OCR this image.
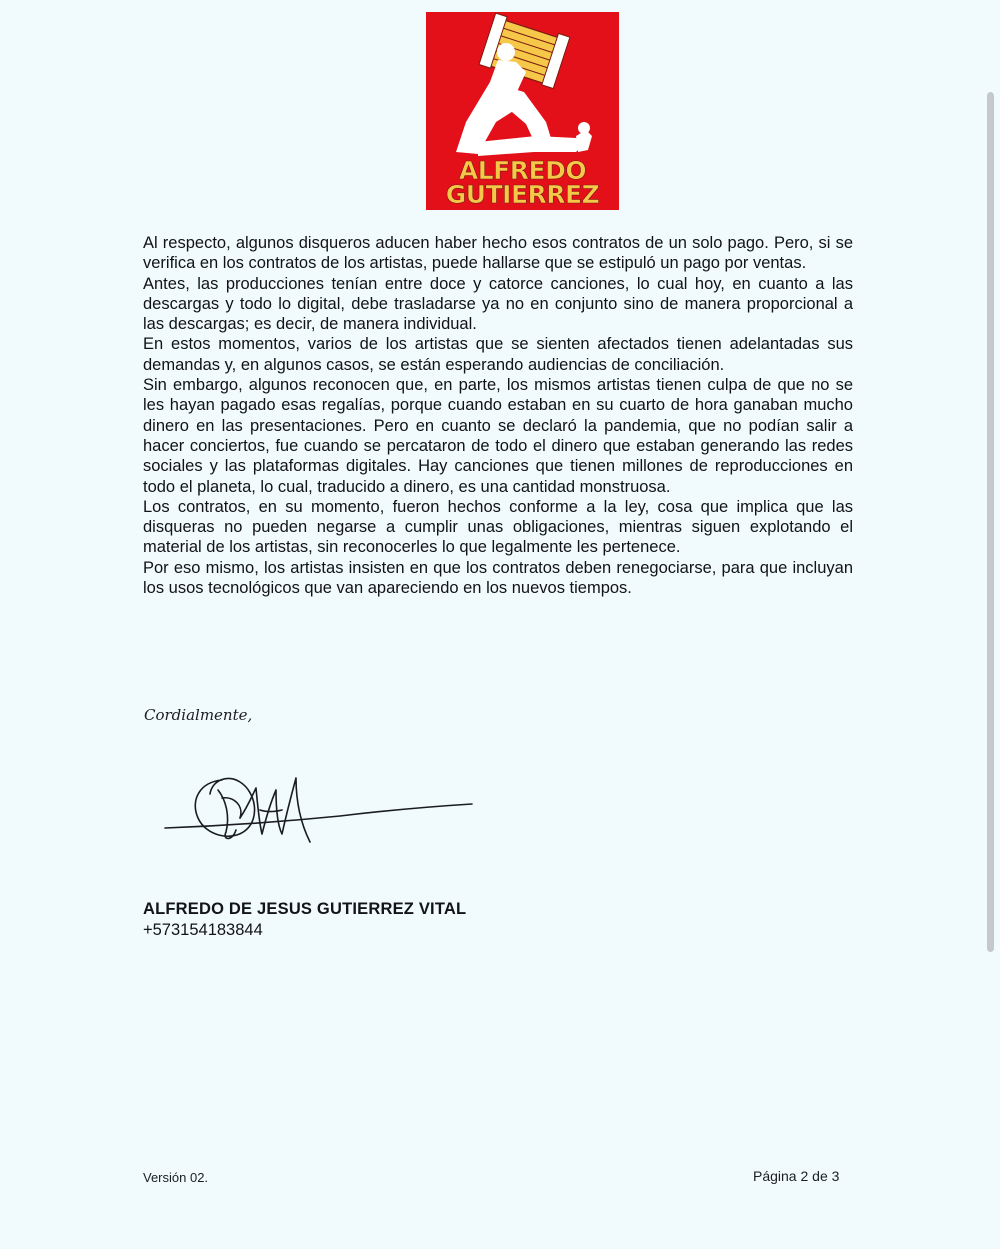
ALFREDO
GUTIERREZ

Al respecto, algunos disqueros aducen haber hecho esos contratos de un solo pago. Pero, si se verifica en los contratos de los artistas, puede hallarse que se estipuló un pago por ventas.

Antes, las producciones tenían entre doce y catorce canciones, lo cual hoy, en cuanto a las descargas y todo lo digital, debe trasladarse ya no en conjunto sino de manera proporcional a las descargas; es decir, de manera individual.

En estos momentos, varios de los artistas que se sienten afectados tienen adelantadas sus demandas y, en algunos casos, se están esperando audiencias de conciliación.

Sin embargo, algunos reconocen que, en parte, los mismos artistas tienen culpa de que no se les hayan pagado esas regalías, porque cuando estaban en su cuarto de hora ganaban mucho dinero en las presentaciones. Pero en cuanto se declaró la pandemia, que no podían salir a hacer conciertos, fue cuando se percataron de todo el dinero que estaban generando las redes sociales y las plataformas digitales. Hay canciones que tienen millones de reproducciones en todo el planeta, lo cual, traducido a dinero, es una cantidad monstruosa.

Los contratos, en su momento, fueron hechos conforme a la ley, cosa que implica que las disqueras no pueden negarse a cumplir unas obligaciones, mientras siguen explotando el material de los artistas, sin reconocerles lo que legalmente les pertenece.

Por eso mismo, los artistas insisten en que los contratos deben renegociarse, para que incluyan los usos tecnológicos que van apareciendo en los nuevos tiempos.

Cordialmente,
ALFREDO DE JESUS GUTIERREZ VITAL
+573154183844
Versión 02.	Página 2 de 3
